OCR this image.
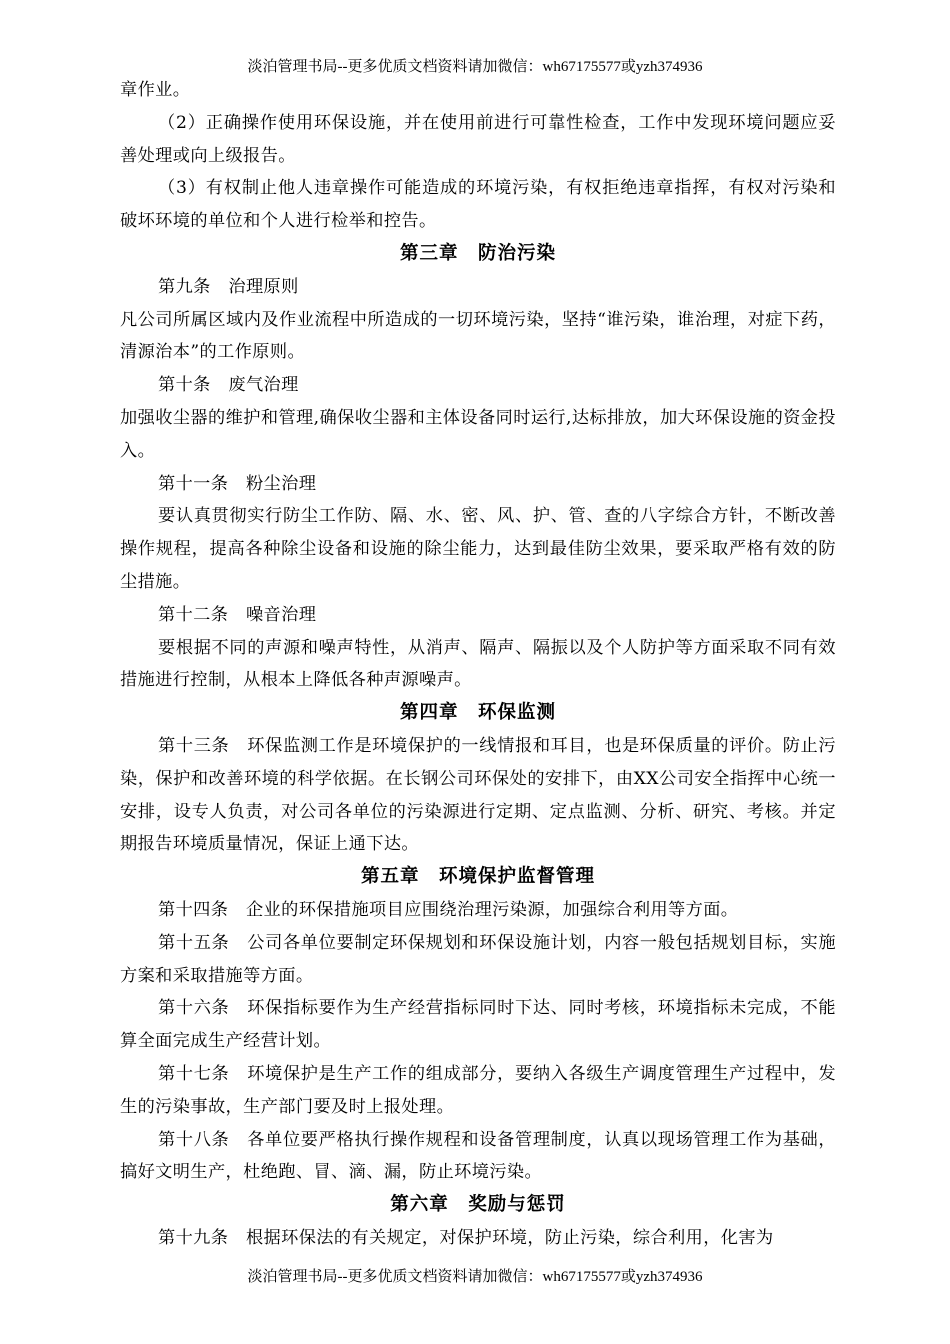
淡泊管理书局--更多优质文档资料请加微信：wh67175577或yzh374936

章作业。

（2）正确操作使用环保设施，并在使用前进行可靠性检查，工作中发现环境问题应妥善处理或向上级报告。

（3）有权制止他人违章操作可能造成的环境污染，有权拒绝违章指挥，有权对污染和破坏环境的单位和个人进行检举和控告。

第三章　防治污染

第九条　治理原则

凡公司所属区域内及作业流程中所造成的一切环境污染，坚持“谁污染，谁治理，对症下药，清源治本”的工作原则。

第十条　废气治理

加强收尘器的维护和管理,确保收尘器和主体设备同时运行,达标排放，加大环保设施的资金投入。

第十一条　粉尘治理

要认真贯彻实行防尘工作防、隔、水、密、风、护、管、查的八字综合方针，不断改善操作规程，提高各种除尘设备和设施的除尘能力，达到最佳防尘效果，要采取严格有效的防尘措施。

第十二条　噪音治理

要根据不同的声源和噪声特性，从消声、隔声、隔振以及个人防护等方面采取不同有效措施进行控制，从根本上降低各种声源噪声。

第四章　环保监测

第十三条　环保监测工作是环境保护的一线情报和耳目，也是环保质量的评价。防止污染，保护和改善环境的科学依据。在长钢公司环保处的安排下，由XX公司安全指挥中心统一安排，设专人负责，对公司各单位的污染源进行定期、定点监测、分析、研究、考核。并定期报告环境质量情况，保证上通下达。

第五章　环境保护监督管理

第十四条　企业的环保措施项目应围绕治理污染源，加强综合利用等方面。

第十五条　公司各单位要制定环保规划和环保设施计划，内容一般包括规划目标，实施方案和采取措施等方面。

第十六条　环保指标要作为生产经营指标同时下达、同时考核，环境指标未完成，不能算全面完成生产经营计划。

第十七条　环境保护是生产工作的组成部分，要纳入各级生产调度管理生产过程中，发生的污染事故，生产部门要及时上报处理。

第十八条　各单位要严格执行操作规程和设备管理制度，认真以现场管理工作为基础，搞好文明生产，杜绝跑、冒、滴、漏，防止环境污染。

第六章　奖励与惩罚

第十九条　根据环保法的有关规定，对保护环境，防止污染，综合利用，化害为

淡泊管理书局--更多优质文档资料请加微信：wh67175577或yzh374936
